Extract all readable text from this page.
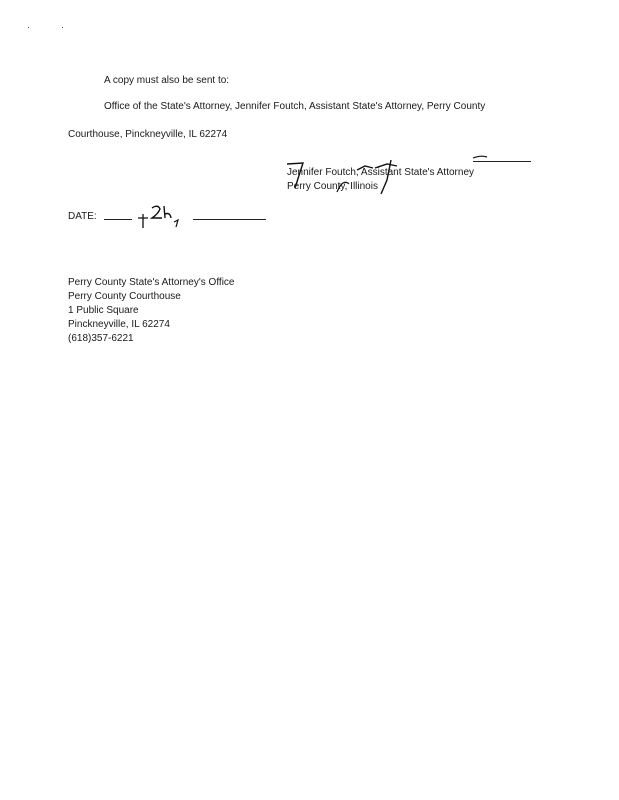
A copy must also be sent to:
Office of the State's Attorney, Jennifer Foutch, Assistant State's Attorney, Perry County
Courthouse, Pinckneyville, IL 62274
Jennifer Foutch, Assistant State's Attorney
Perry County, Illinois
DATE:
Perry County State's Attorney's Office
Perry County Courthouse
1 Public Square
Pinckneyville, IL 62274
(618)357-6221
